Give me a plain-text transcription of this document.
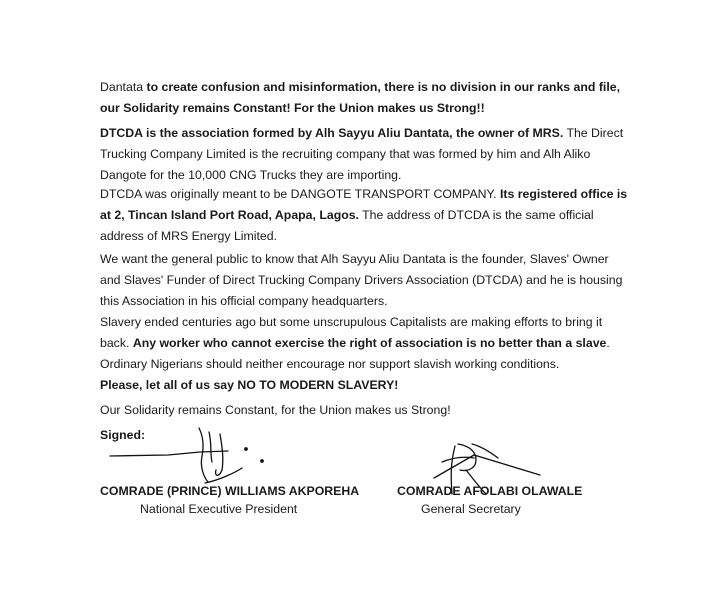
Dantata to create confusion and misinformation, there is no division in our ranks and file, our Solidarity remains Constant! For the Union makes us Strong!!

DTCDA is the association formed by Alh Sayyu Aliu Dantata, the owner of MRS. The Direct Trucking Company Limited is the recruiting company that was formed by him and Alh Aliko Dangote for the 10,000 CNG Trucks they are importing.

DTCDA was originally meant to be DANGOTE TRANSPORT COMPANY. Its registered office is at 2, Tincan Island Port Road, Apapa, Lagos. The address of DTCDA is the same official address of MRS Energy Limited.

We want the general public to know that Alh Sayyu Aliu Dantata is the founder, Slaves' Owner and Slaves' Funder of Direct Trucking Company Drivers Association (DTCDA) and he is housing this Association in his official company headquarters.

Slavery ended centuries ago but some unscrupulous Capitalists are making efforts to bring it back. Any worker who cannot exercise the right of association is no better than a slave. Ordinary Nigerians should neither encourage nor support slavish working conditions.

Please, let all of us say NO TO MODERN SLAVERY!

Our Solidarity remains Constant, for the Union makes us Strong!

Signed:

COMRADE (PRINCE) WILLIAMS AKPOREHA
National Executive President
COMRADE AFOLABI OLAWALE
General Secretary
